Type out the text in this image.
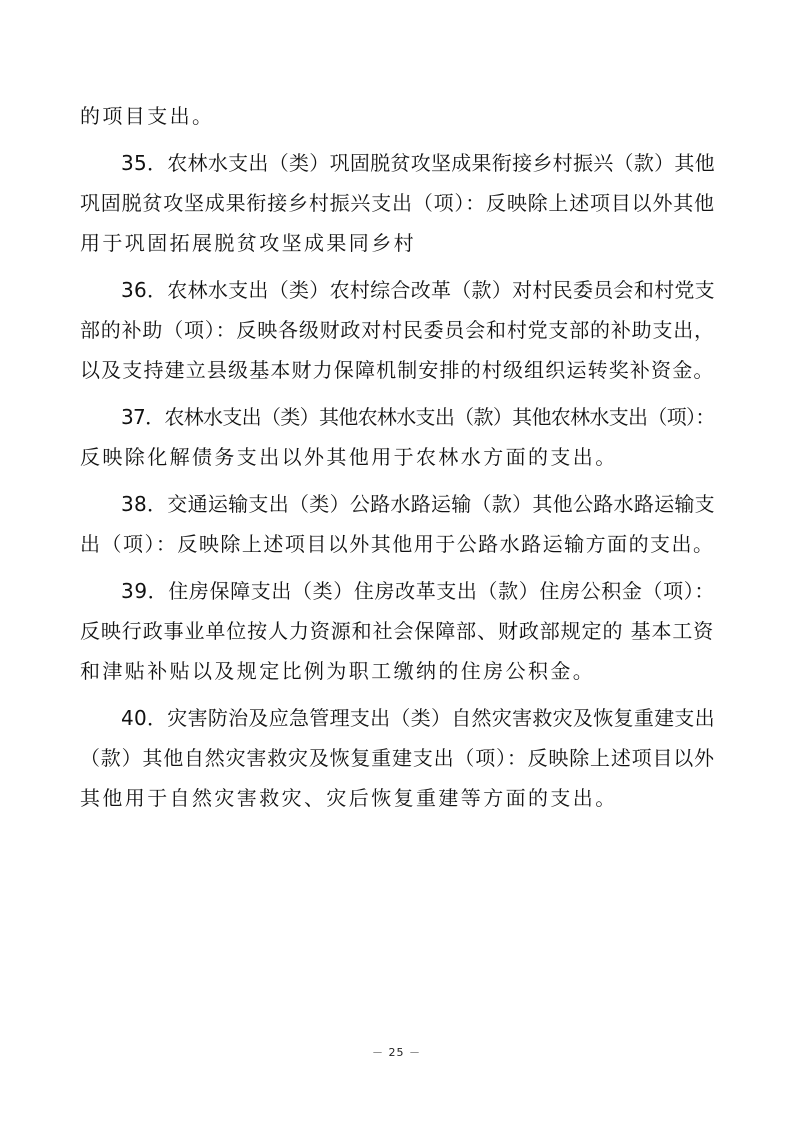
的项目支出。
35．农林水支出（类）巩固脱贫攻坚成果衔接乡村振兴（款）其他
巩固脱贫攻坚成果衔接乡村振兴支出（项）：反映除上述项目以外其他
用于巩固拓展脱贫攻坚成果同乡村
36．农林水支出（类）农村综合改革（款）对村民委员会和村党支
部的补助（项）：反映各级财政对村民委员会和村党支部的补助支出，
以及支持建立县级基本财力保障机制安排的村级组织运转奖补资金。
37．农林水支出（类）其他农林水支出（款）其他农林水支出（项）：
反映除化解债务支出以外其他用于农林水方面的支出。
38．交通运输支出（类）公路水路运输（款）其他公路水路运输支
出（项）：反映除上述项目以外其他用于公路水路运输方面的支出。
39．住房保障支出（类）住房改革支出（款）住房公积金（项）：
反映行政事业单位按人力资源和社会保障部、财政部规定的 基本工资
和津贴补贴以及规定比例为职工缴纳的住房公积金。
40．灾害防治及应急管理支出（类）自然灾害救灾及恢复重建支出
（款）其他自然灾害救灾及恢复重建支出（项）：反映除上述项目以外
其他用于自然灾害救灾、灾后恢复重建等方面的支出。
－ 25 －
